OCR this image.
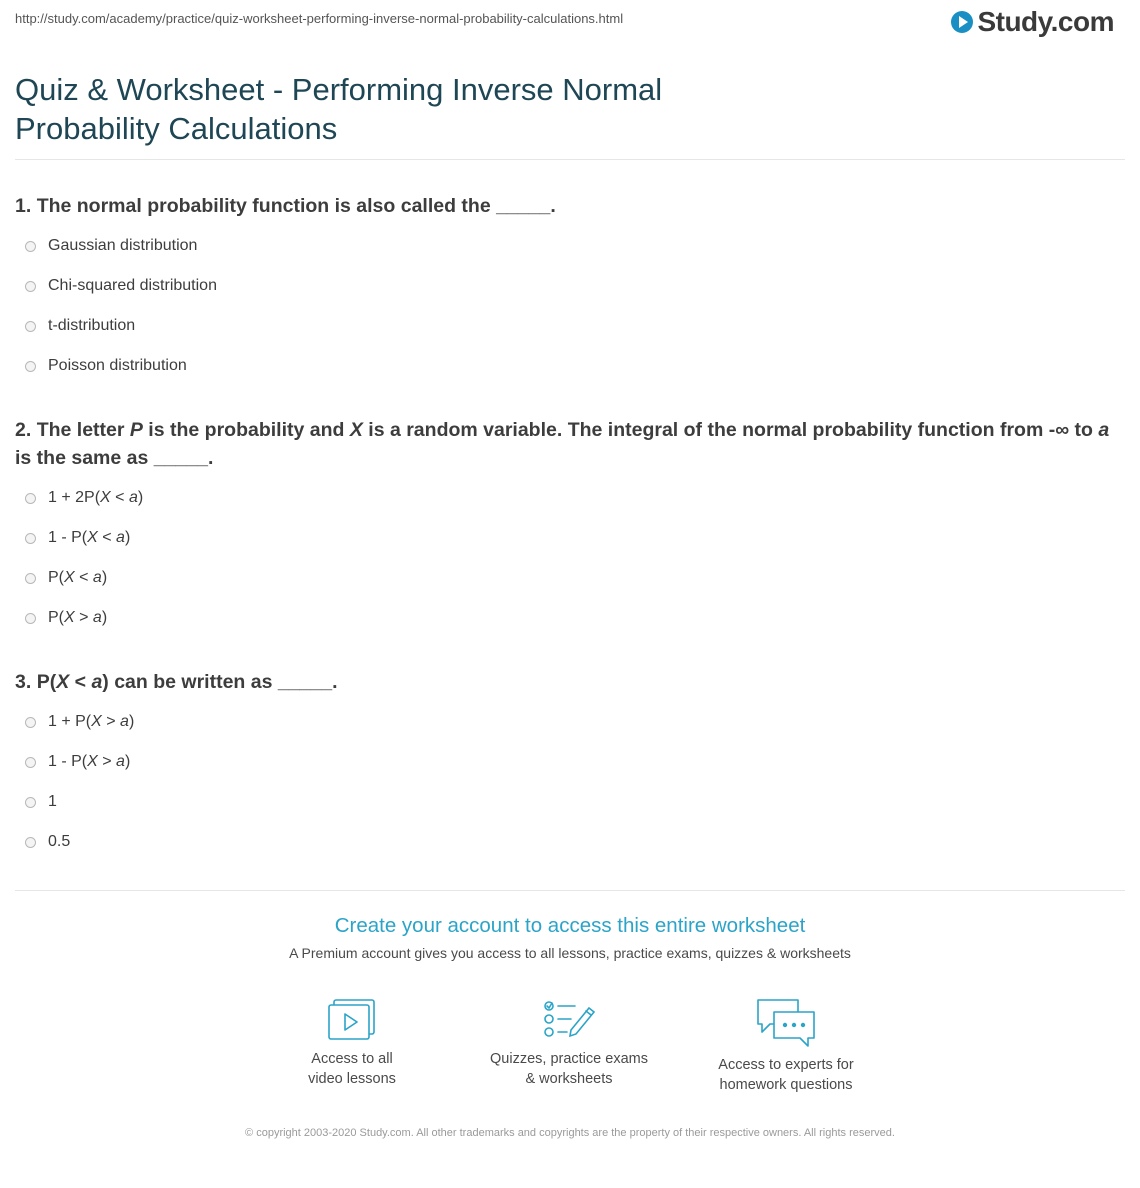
http://study.com/academy/practice/quiz-worksheet-performing-inverse-normal-probability-calculations.html	Study.com
Quiz & Worksheet - Performing Inverse Normal Probability Calculations
1. The normal probability function is also called the _____.
Gaussian distribution
Chi-squared distribution
t-distribution
Poisson distribution
2. The letter P is the probability and X is a random variable. The integral of the normal probability function from -∞ to a is the same as _____.
1 + 2P(X < a)
1 - P(X < a)
P(X < a)
P(X > a)
3. P(X < a) can be written as _____.
1 + P(X > a)
1 - P(X > a)
1
0.5
Create your account to access this entire worksheet
A Premium account gives you access to all lessons, practice exams, quizzes & worksheets
Access to all
video lessons
Quizzes, practice exams
& worksheets
Access to experts for
homework questions
© copyright 2003-2020 Study.com. All other trademarks and copyrights are the property of their respective owners. All rights reserved.
